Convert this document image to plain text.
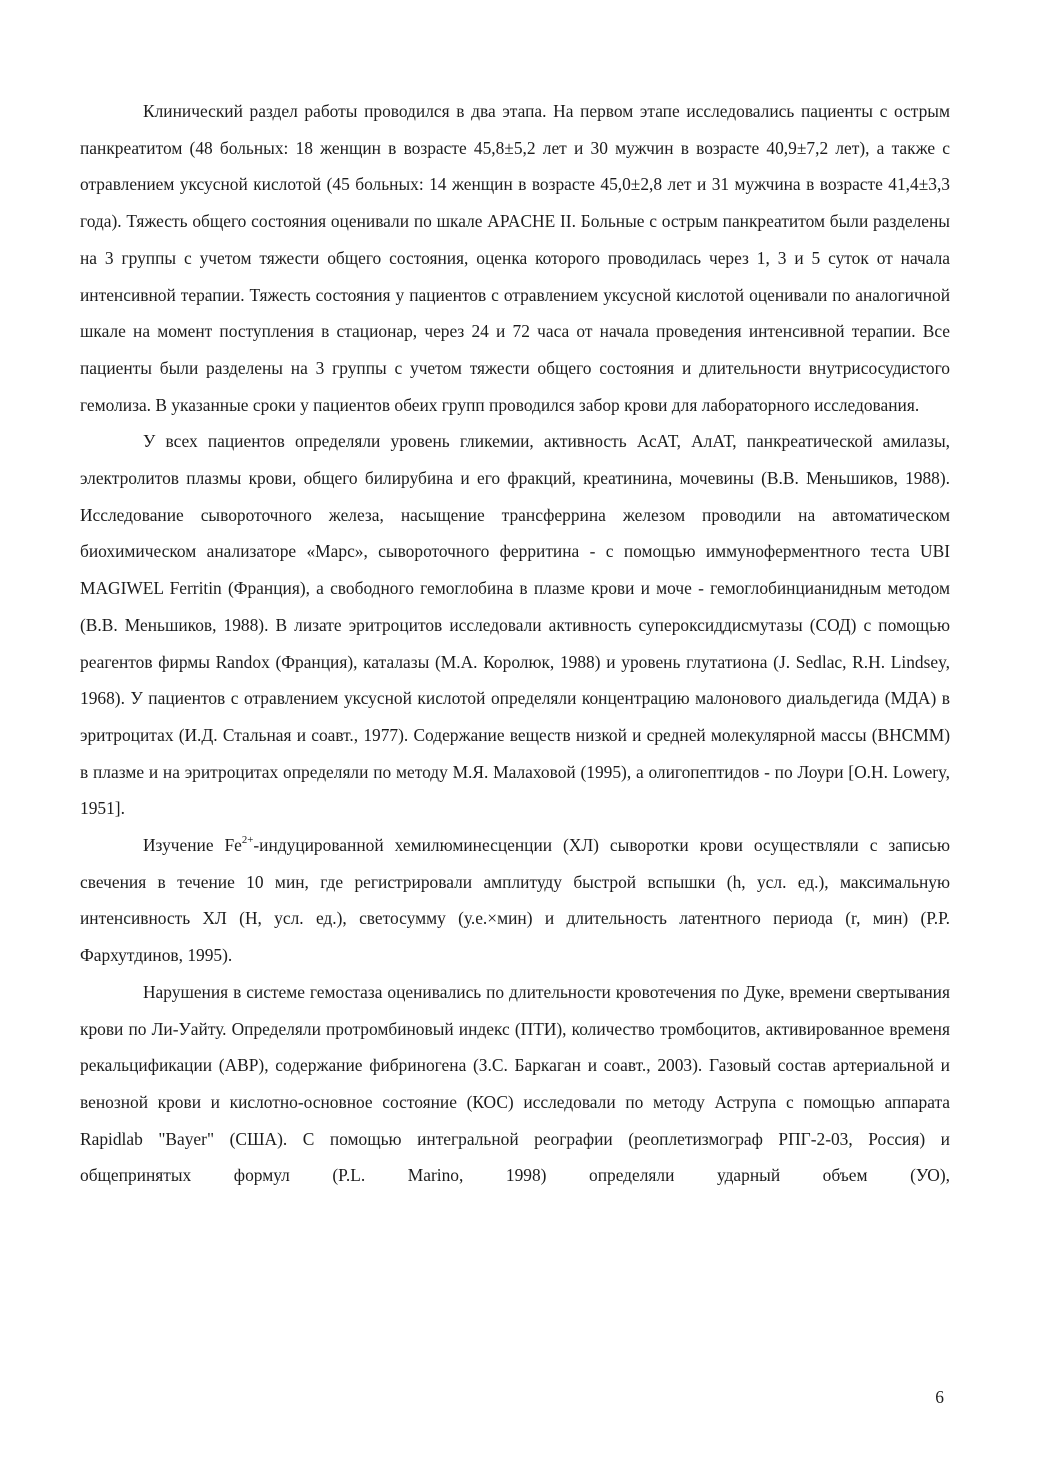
Клинический раздел работы проводился в два этапа. На первом этапе исследовались пациенты с острым панкреатитом (48 больных: 18 женщин в возрасте 45,8±5,2 лет и 30 мужчин в возрасте 40,9±7,2 лет), а также с отравлением уксусной кислотой (45 больных: 14 женщин в возрасте 45,0±2,8 лет и 31 мужчина в возрасте 41,4±3,3 года). Тяжесть общего состояния оценивали по шкале APACHE II. Больные с острым панкреатитом были разделены на 3 группы с учетом тяжести общего состояния, оценка которого проводилась через 1, 3 и 5 суток от начала интенсивной терапии. Тяжесть состояния у пациентов с отравлением уксусной кислотой оценивали по аналогичной шкале на момент поступления в стационар, через 24 и 72 часа от начала проведения интенсивной терапии. Все пациенты были разделены на 3 группы с учетом тяжести общего состояния и длительности внутрисосудистого гемолиза. В указанные сроки у пациентов обеих групп проводился забор крови для лабораторного исследования.

У всех пациентов определяли уровень гликемии, активность АсАТ, АлАТ, панкреатической амилазы, электролитов плазмы крови, общего билирубина и его фракций, креатинина, мочевины (В.В. Меньшиков, 1988). Исследование сывороточного железа, насыщение трансферрина железом проводили на автоматическом биохимическом анализаторе «Марс», сывороточного ферритина - с помощью иммуноферментного теста UBI MAGIWEL Ferritin (Франция), а свободного гемоглобина в плазме крови и моче - гемоглобинцианидным методом (В.В. Меньшиков, 1988). В лизате эритроцитов исследовали активность супероксиддисмутазы (СОД) с помощью реагентов фирмы Randox (Франция), каталазы (М.А. Королюк, 1988) и уровень глутатиона (J. Sedlac, R.H. Lindsey, 1968). У пациентов с отравлением уксусной кислотой определяли концентрацию малонового диальдегида (МДА) в эритроцитах (И.Д. Стальная и соавт., 1977). Содержание веществ низкой и средней молекулярной массы (ВНСММ) в плазме и на эритроцитах определяли по методу М.Я. Малаховой (1995), а олигопептидов - по Лоури [O.H. Lowery, 1951].

Изучение $Fe^{2+}$-индуцированной хемилюминесценции (ХЛ) сыворотки крови осуществляли с записью свечения в течение 10 мин, где регистрировали амплитуду быстрой вспышки (h, усл. ед.), максимальную интенсивность ХЛ (H, усл. ед.), светосумму (у.е.×мин) и длительность латентного периода (r, мин) (Р.Р. Фархутдинов, 1995).

Нарушения в системе гемостаза оценивались по длительности кровотечения по Дуке, времени свертывания крови по Ли-Уайту. Определяли протромбиновый индекс (ПТИ), количество тромбоцитов, активированное временя рекальцификации (АВР), содержание фибриногена (З.С. Баркаган и соавт., 2003). Газовый состав артериальной и венозной крови и кислотно-основное состояние (КОС) исследовали по методу Аструпа с помощью аппарата Rapidlab "Bayer" (США). С помощью интегральной реографии (реоплетизмограф РПГ-2-03, Россия) и общепринятых формул (P.L. Marino, 1998) определяли ударный объем (УО),

6
